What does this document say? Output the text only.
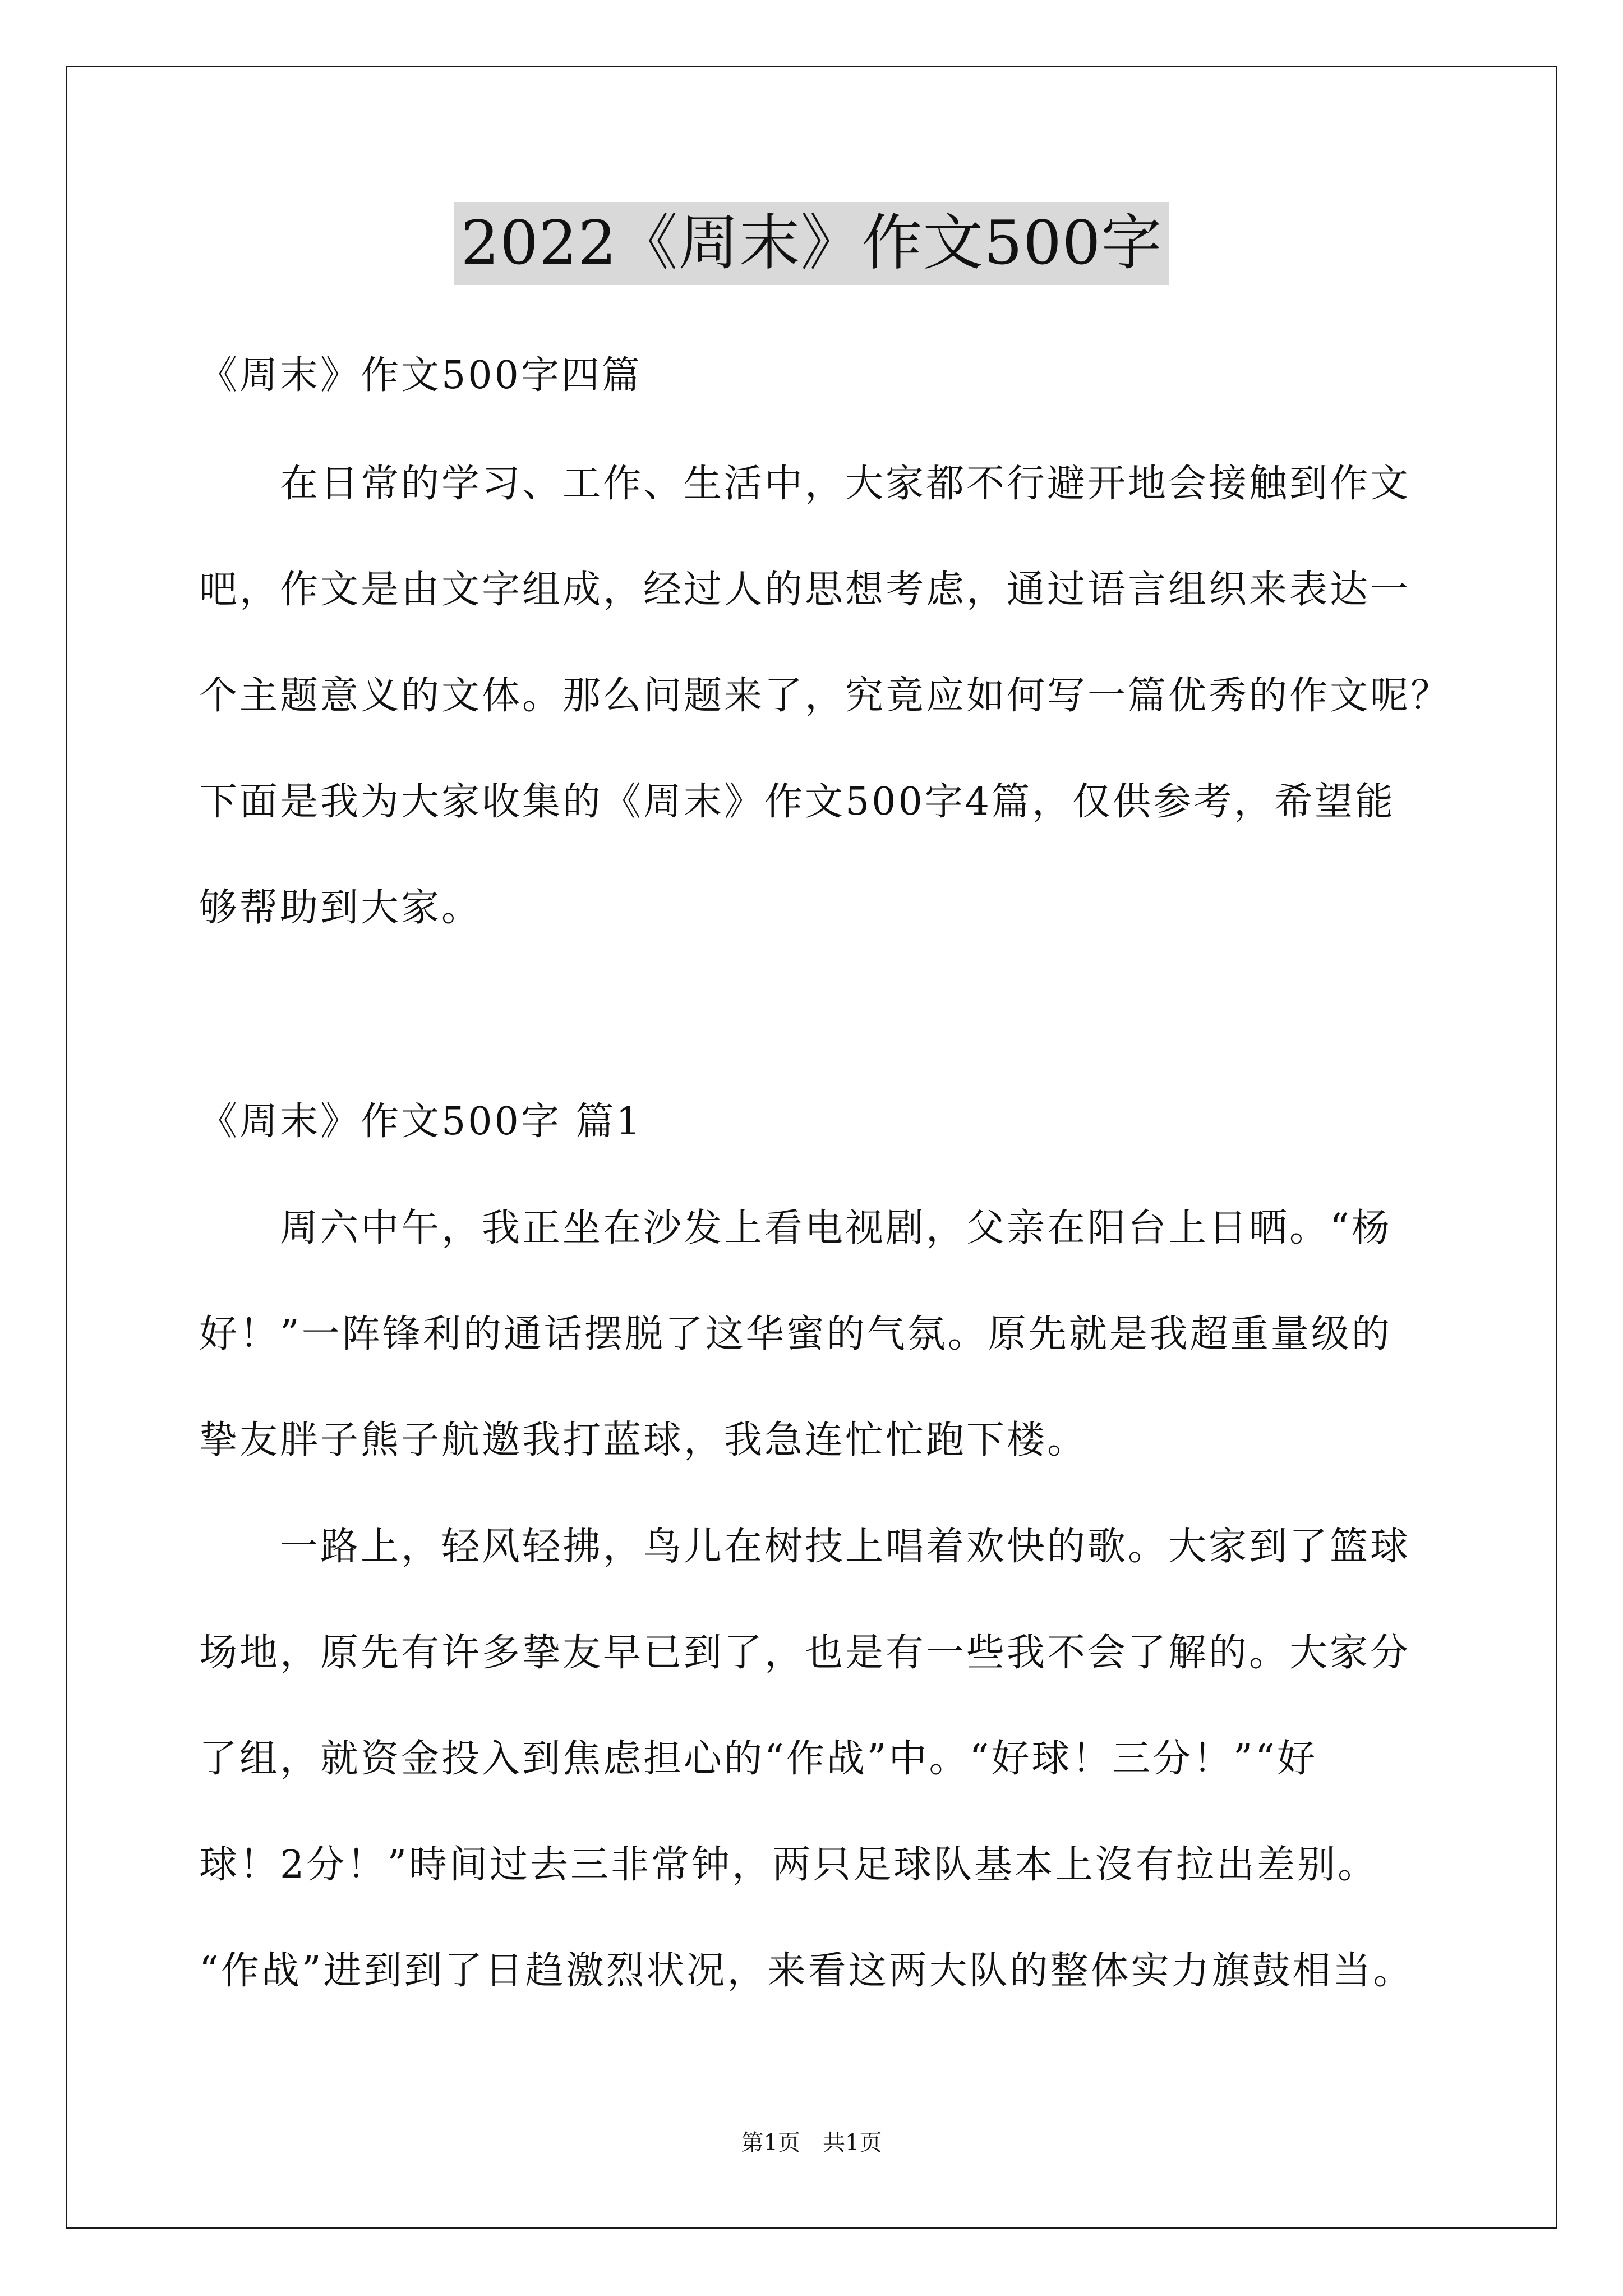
2022《周末》作文500字
《周末》作文500字四篇
　　在日常的学习、工作、生活中，大家都不行避开地会接触到作文
吧，作文是由文字组成，经过人的思想考虑，通过语言组织来表达一
个主题意义的文体。那么问题来了，究竟应如何写一篇优秀的作文呢？
下面是我为大家收集的《周末》作文500字4篇，仅供参考，希望能
够帮助到大家。
《周末》作文500字 篇1
　　周六中午，我正坐在沙发上看电视剧，父亲在阳台上日晒。“杨
好！”一阵锋利的通话摆脱了这华蜜的气氛。原先就是我超重量级的
挚友胖子熊子航邀我打蓝球，我急连忙忙跑下楼。
　　一路上，轻风轻拂，鸟儿在树技上唱着欢快的歌。大家到了篮球
场地，原先有许多挚友早已到了，也是有一些我不会了解的。大家分
了组，就资金投入到焦虑担心的“作战”中。“好球！三分！”“好
球！2分！”時间过去三非常钟，两只足球队基本上沒有拉出差别。
“作战”进到到了日趋激烈状况，来看这两大队的整体实力旗鼓相当。
第1页　共1页
